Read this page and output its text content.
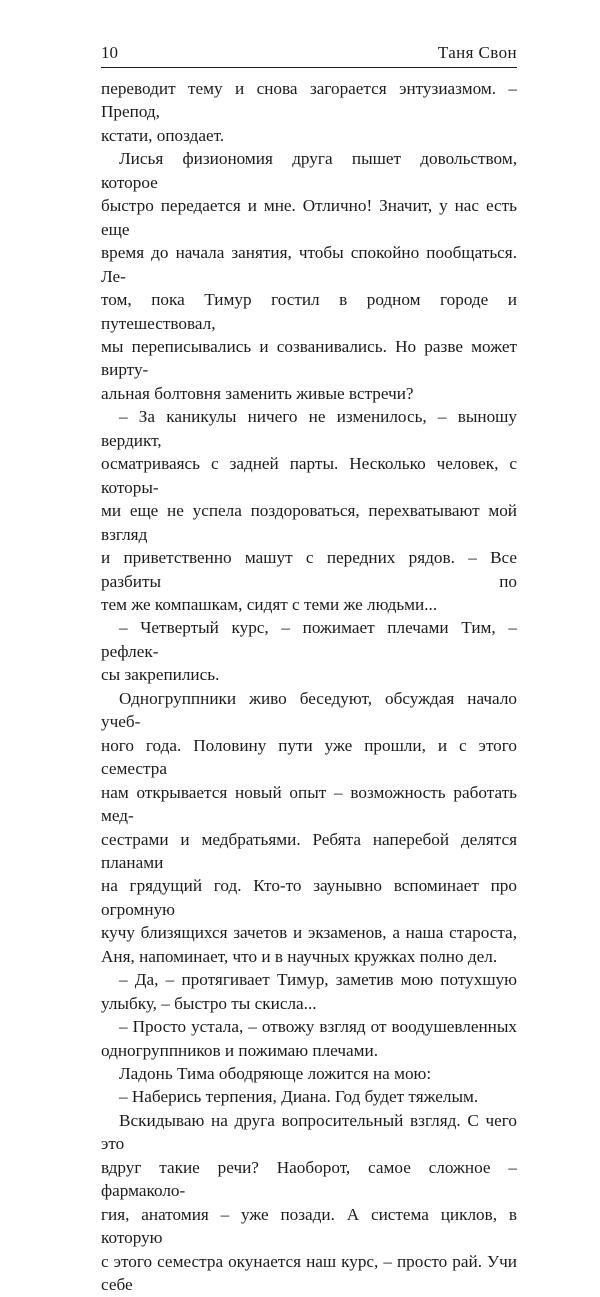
10	Таня Свон

переводит тему и снова загорается энтузиазмом. – Препод,

кстати, опоздает.

Лисья физиономия друга пышет довольством, которое

быстро передается и мне. Отлично! Значит, у нас есть еще

время до начала занятия, чтобы спокойно пообщаться. Ле-

том, пока Тимур гостил в родном городе и путешествовал,

мы переписывались и созванивались. Но разве может вирту-

альная болтовня заменить живые встречи?

– За каникулы ничего не изменилось, – выношу вердикт,

осматриваясь с задней парты. Несколько человек, с которы-

ми еще не успела поздороваться, перехватывают мой взгляд

и приветственно машут с передних рядов. – Все разбиты по

тем же компашкам, сидят с теми же людьми...

– Четвертый курс, – пожимает плечами Тим, – рефлек-

сы закрепились.

Одногруппники живо беседуют, обсуждая начало учеб-

ного года. Половину пути уже прошли, и с этого семестра

нам открывается новый опыт – возможность работать мед-

сестрами и медбратьями. Ребята наперебой делятся планами

на грядущий год. Кто-то заунывно вспоминает про огромную

кучу близящихся зачетов и экзаменов, а наша староста,

Аня, напоминает, что и в научных кружках полно дел.

– Да, – протягивает Тимур, заметив мою потухшую

улыбку, – быстро ты скисла...

– Просто устала, – отвожу взгляд от воодушевленных

одногруппников и пожимаю плечами.

Ладонь Тима ободряюще ложится на мою:

– Наберись терпения, Диана. Год будет тяжелым.

Вскидываю на друга вопросительный взгляд. С чего это

вдруг такие речи? Наоборот, самое сложное – фармаколо-

гия, анатомия – уже позади. А система циклов, в которую

с этого семестра окунается наш курс, – просто рай. Учи себе
